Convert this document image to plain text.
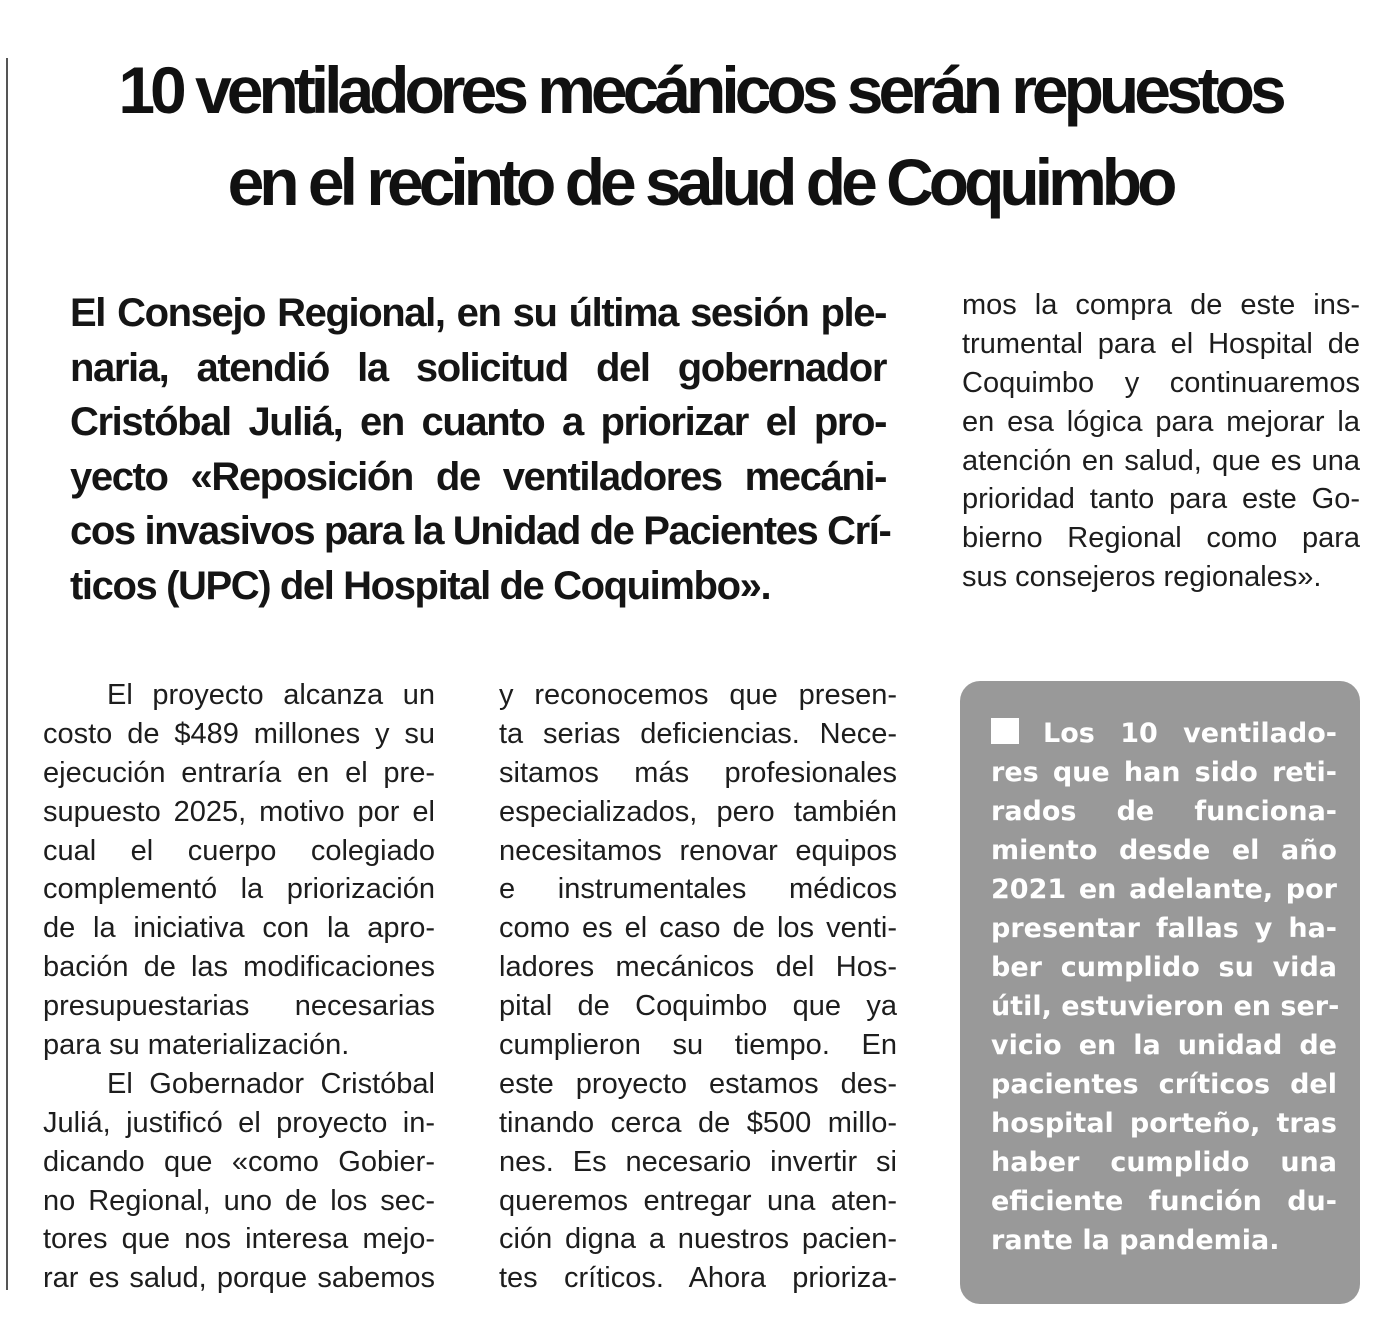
10 ventiladores mecánicos serán repuestos
en el recinto de salud de Coquimbo
El Consejo Regional, en su última sesión ple-
naria, atendió la solicitud del gobernador
Cristóbal Juliá, en cuanto a priorizar el pro-
yecto «Reposición de ventiladores mecáni-
cos invasivos para la Unidad de Pacientes Crí-
ticos (UPC) del Hospital de Coquimbo».
mos la compra de este ins-
trumental para el Hospital de
Coquimbo y continuaremos
en esa lógica para mejorar la
atención en salud, que es una
prioridad tanto para este Go-
bierno Regional como para
sus consejeros regionales».
El proyecto alcanza un
costo de $489 millones y su
ejecución entraría en el pre-
supuesto 2025, motivo por el
cual el cuerpo colegiado
complementó la priorización
de la iniciativa con la apro-
bación de las modificaciones
presupuestarias necesarias
para su materialización.
El Gobernador Cristóbal
Juliá, justificó el proyecto in-
dicando que «como Gobier-
no Regional, uno de los sec-
tores que nos interesa mejo-
rar es salud, porque sabemos
y reconocemos que presen-
ta serias deficiencias. Nece-
sitamos más profesionales
especializados, pero también
necesitamos renovar equipos
e instrumentales médicos
como es el caso de los venti-
ladores mecánicos del Hos-
pital de Coquimbo que ya
cumplieron su tiempo. En
este proyecto estamos des-
tinando cerca de $500 millo-
nes. Es necesario invertir si
queremos entregar una aten-
ción digna a nuestros pacien-
tes críticos. Ahora prioriza-
Los 10 ventilado-
res que han sido reti-
rados de funciona-
miento desde el año
2021 en adelante, por
presentar fallas y ha-
ber cumplido su vida
útil, estuvieron en ser-
vicio en la unidad de
pacientes críticos del
hospital porteño, tras
haber cumplido una
eficiente función du-
rante la pandemia.
